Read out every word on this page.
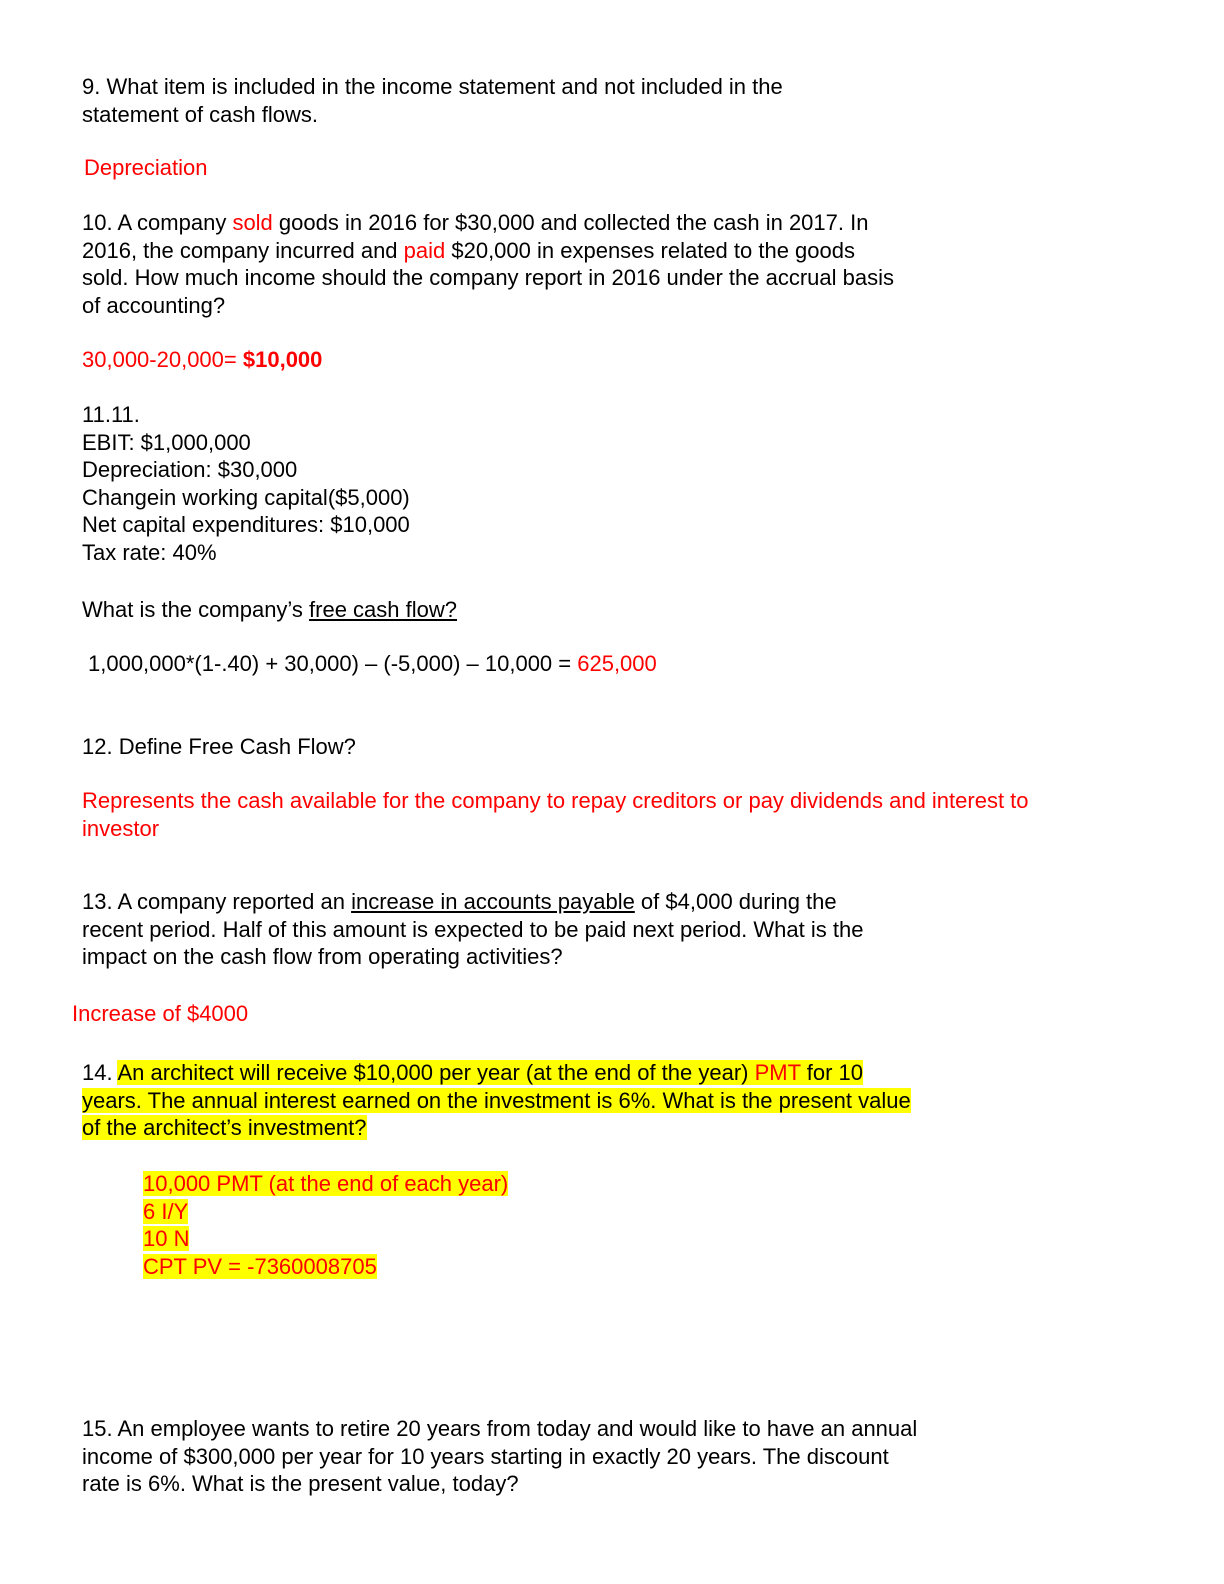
9. What item is included in the income statement and not included in the
statement of cash flows.
Depreciation
10. A company sold goods in 2016 for $30,000 and collected the cash in 2017. In
2016, the company incurred and paid $20,000 in expenses related to the goods
sold. How much income should the company report in 2016 under the accrual basis
of accounting?
30,000-20,000= $10,000
11.11.
EBIT: $1,000,000
Depreciation: $30,000
Changein working capital($5,000)
Net capital expenditures: $10,000
Tax rate: 40%
What is the company’s free cash flow?
1,000,000*(1-.40) + 30,000) – (-5,000) – 10,000 = 625,000
12. Define Free Cash Flow?
Represents the cash available for the company to repay creditors or pay dividends and interest to
investor
13. A company reported an increase in accounts payable of $4,000 during the
recent period. Half of this amount is expected to be paid next period. What is the
impact on the cash flow from operating activities?
Increase of $4000
14. An architect will receive $10,000 per year (at the end of the year) PMT for 10
years. The annual interest earned on the investment is 6%. What is the present value
of the architect’s investment?
10,000 PMT (at the end of each year)
6 I/Y
10 N
CPT PV = -7360008705
15. An employee wants to retire 20 years from today and would like to have an annual
income of $300,000 per year for 10 years starting in exactly 20 years. The discount
rate is 6%. What is the present value, today?
